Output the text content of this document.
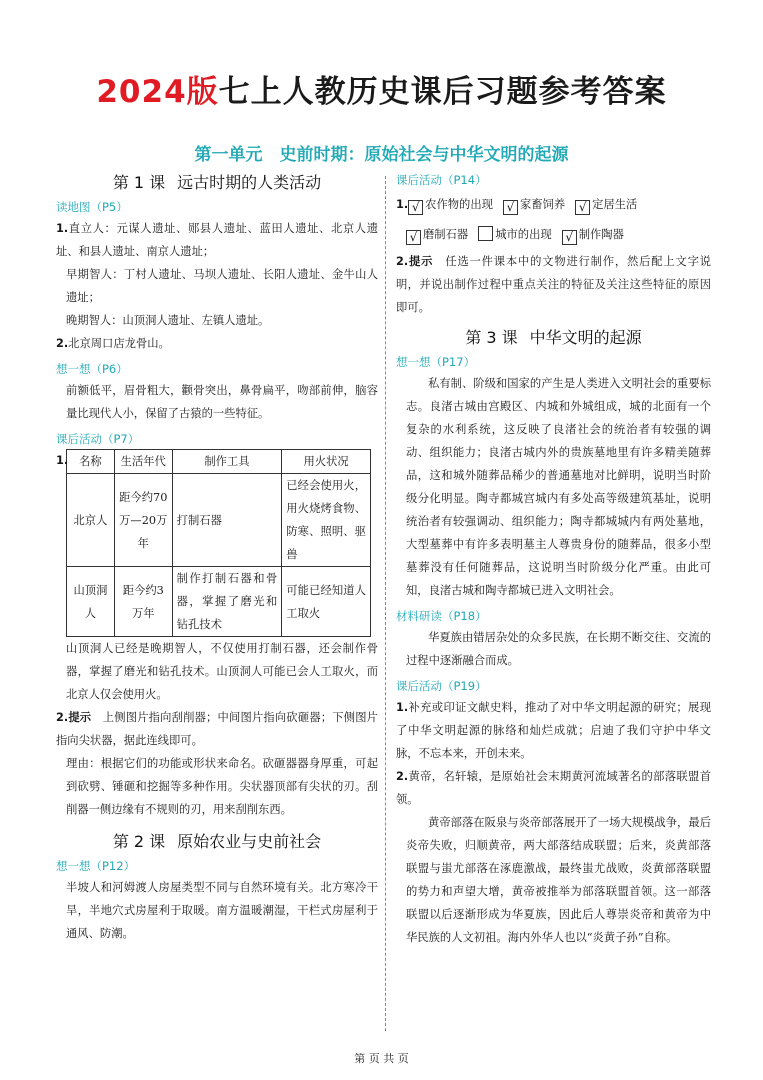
2024版七上人教历史课后习题参考答案
第一单元　史前时期：原始社会与中华文明的起源
第 1 课 远古时期的人类活动
读地图（P5）
1.直立人：元谋人遗址、郧县人遗址、蓝田人遗址、北京人遗址、和县人遗址、南京人遗址；
早期智人：丁村人遗址、马坝人遗址、长阳人遗址、金牛山人遗址；
晚期智人：山顶洞人遗址、左镇人遗址。
2.北京周口店龙骨山。
想一想（P6）
前额低平，眉骨粗大，颧骨突出，鼻骨扁平，吻部前伸，脑容量比现代人小，保留了古猿的一些特征。
课后活动（P7）
1. 名称	生活年代	制作工具	用火状况
北京人	距今约70万—20万年	打制石器	已经会使用火，用火烧烤食物、防寒、照明、驱兽
山顶洞人	距今约3万年	制作打制石器和骨器，掌握了磨光和钻孔技术	可能已经知道人工取火
山顶洞人已经是晚期智人，不仅使用打制石器，还会制作骨器，掌握了磨光和钻孔技术。山顶洞人可能已会人工取火，而北京人仅会使用火。
2.提示　 上侧图片指向刮削器；中间图片指向砍砸器；下侧图片指向尖状器，据此连线即可。
理由：根据它们的功能或形状来命名。砍砸器器身厚重，可起到砍劈、锤砸和挖掘等多种作用。尖状器顶部有尖状的刃。刮削器一侧边缘有不规则的刃，用来刮削东西。
第 2 课 原始农业与史前社会
想一想（P12）
半坡人和河姆渡人房屋类型不同与自然环境有关。北方寒冷干旱，半地穴式房屋利于取暖。南方温暖潮湿，干栏式房屋利于通风、防潮。
课后活动（P14）
1. √ 农作物的出现 √ 家畜饲养 √ 定居生活
√ 磨制石器 城市的出现 √ 制作陶器
2.提示　 任选一件课本中的文物进行制作，然后配上文字说明，并说出制作过程中重点关注的特征及关注这些特征的原因即可。
第 3 课 中华文明的起源
想一想（P17）
私有制、阶级和国家的产生是人类进入文明社会的重要标志。良渚古城由宫殿区、内城和外城组成，城的北面有一个复杂的水利系统，这反映了良渚社会的统治者有较强的调动、组织能力；良渚古城内外的贵族墓地里有许多精美随葬品，这和城外随葬品稀少的普通墓地对比鲜明，说明当时阶级分化明显。陶寺都城宫城内有多处高等级建筑基址，说明统治者有较强调动、组织能力；陶寺都城城内有两处墓地，大型墓葬中有许多表明墓主人尊贵身份的随葬品，很多小型墓葬没有任何随葬品，这说明当时阶级分化严重。由此可知，良渚古城和陶寺都城已进入文明社会。
材料研读（P18）
华夏族由错居杂处的众多民族，在长期不断交往、交流的过程中逐渐融合而成。
课后活动（P19）
1.补充或印证文献史料，推动了对中华文明起源的研究；展现了中华文明起源的脉络和灿烂成就；启迪了我们守护中华文脉，不忘本来，开创未来。
2.黄帝，名轩辕，是原始社会末期黄河流域著名的部落联盟首领。
黄帝部落在阪泉与炎帝部落展开了一场大规模战争，最后炎帝失败，归顺黄帝，两大部落结成联盟；后来，炎黄部落联盟与蚩尤部落在涿鹿激战，最终蚩尤战败，炎黄部落联盟的势力和声望大增，黄帝被推举为部落联盟首领。这一部落联盟以后逐渐形成为华夏族，因此后人尊崇炎帝和黄帝为中华民族的人文初祖。海内外华人也以“炎黄子孙”自称。
第 页 共 页
